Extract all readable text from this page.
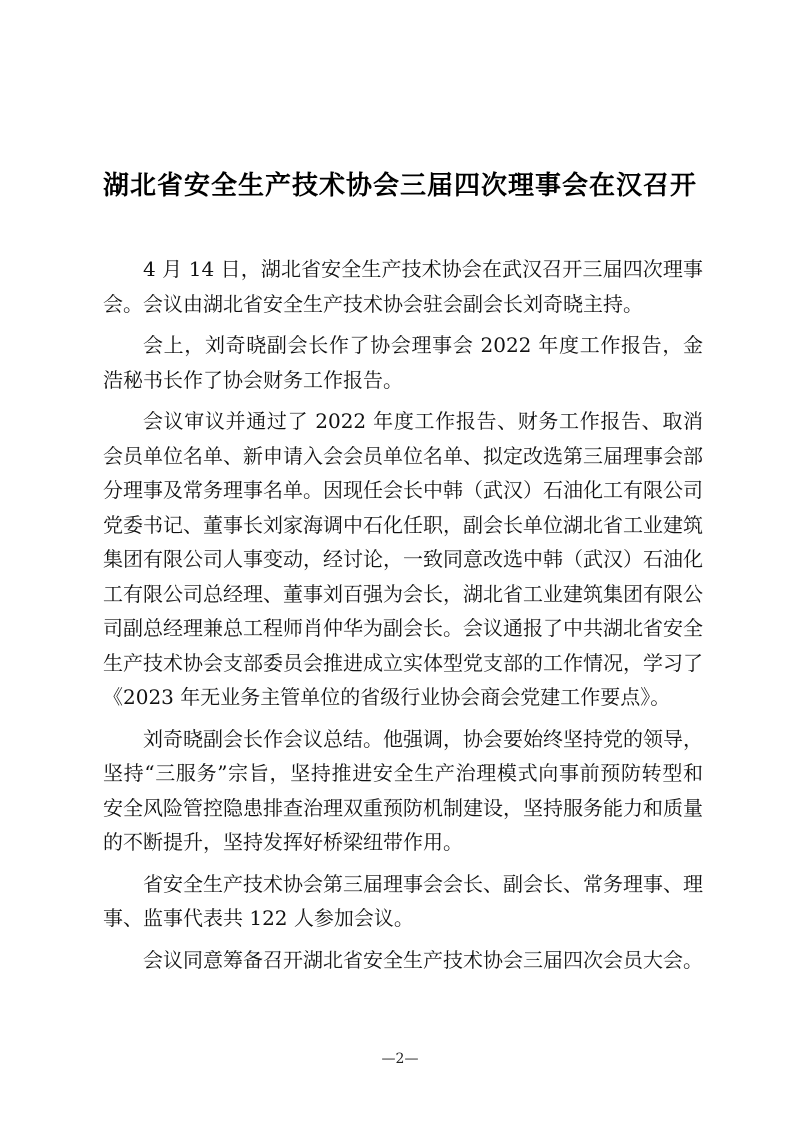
湖北省安全生产技术协会三届四次理事会在汉召开

4 月 14 日，湖北省安全生产技术协会在武汉召开三届四次理事会。会议由湖北省安全生产技术协会驻会副会长刘奇晓主持。

会上，刘奇晓副会长作了协会理事会 2022 年度工作报告，金浩秘书长作了协会财务工作报告。

会议审议并通过了 2022 年度工作报告、财务工作报告、取消会员单位名单、新申请入会会员单位名单、拟定改选第三届理事会部分理事及常务理事名单。因现任会长中韩（武汉）石油化工有限公司党委书记、董事长刘家海调中石化任职，副会长单位湖北省工业建筑集团有限公司人事变动，经讨论，一致同意改选中韩（武汉）石油化工有限公司总经理、董事刘百强为会长，湖北省工业建筑集团有限公司副总经理兼总工程师肖仲华为副会长。会议通报了中共湖北省安全生产技术协会支部委员会推进成立实体型党支部的工作情况，学习了《2023 年无业务主管单位的省级行业协会商会党建工作要点》。

刘奇晓副会长作会议总结。他强调，协会要始终坚持党的领导，坚持“三服务”宗旨，坚持推进安全生产治理模式向事前预防转型和安全风险管控隐患排查治理双重预防机制建设，坚持服务能力和质量的不断提升，坚持发挥好桥梁纽带作用。

省安全生产技术协会第三届理事会会长、副会长、常务理事、理事、监事代表共 122 人参加会议。

会议同意筹备召开湖北省安全生产技术协会三届四次会员大会。

—2—
